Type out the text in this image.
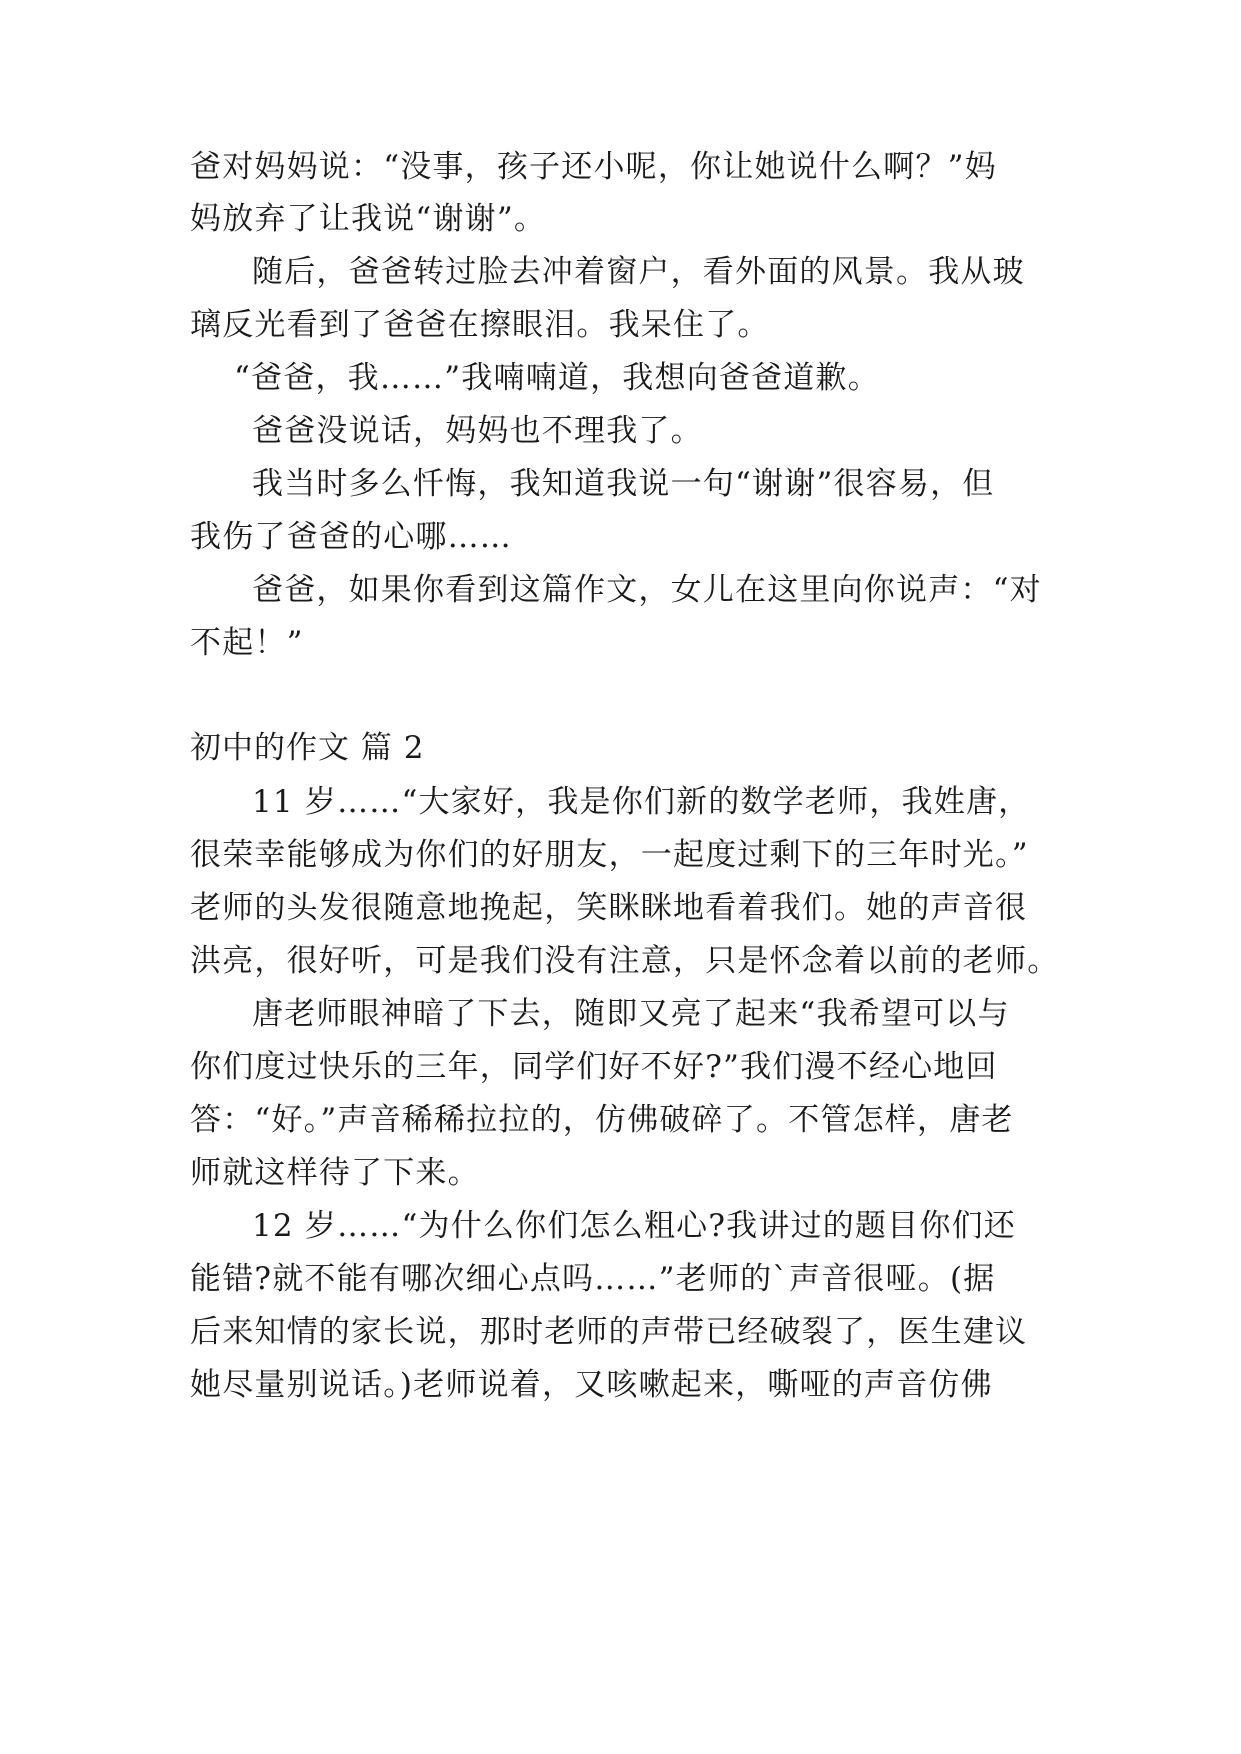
爸对妈妈说：“没事，孩子还小呢，你让她说什么啊？”妈
妈放弃了让我说“谢谢”。
随后，爸爸转过脸去冲着窗户，看外面的风景。我从玻
璃反光看到了爸爸在擦眼泪。我呆住了。
“爸爸，我……”我喃喃道，我想向爸爸道歉。
爸爸没说话，妈妈也不理我了。
我当时多么忏悔，我知道我说一句“谢谢”很容易，但
我伤了爸爸的心哪……
爸爸，如果你看到这篇作文，女儿在这里向你说声：“对
不起！”
初中的作文 篇 2
11 岁……“大家好，我是你们新的数学老师，我姓唐，
很荣幸能够成为你们的好朋友，一起度过剩下的三年时光。”
老师的头发很随意地挽起，笑眯眯地看着我们。她的声音很
洪亮，很好听，可是我们没有注意，只是怀念着以前的老师。
唐老师眼神暗了下去，随即又亮了起来“我希望可以与
你们度过快乐的三年，同学们好不好?”我们漫不经心地回
答：“好。”声音稀稀拉拉的，仿佛破碎了。不管怎样，唐老
师就这样待了下来。
12 岁……“为什么你们怎么粗心?我讲过的题目你们还
能错?就不能有哪次细心点吗……”老师的`声音很哑。(据
后来知情的家长说，那时老师的声带已经破裂了，医生建议
她尽量别说话。)老师说着，又咳嗽起来，嘶哑的声音仿佛
